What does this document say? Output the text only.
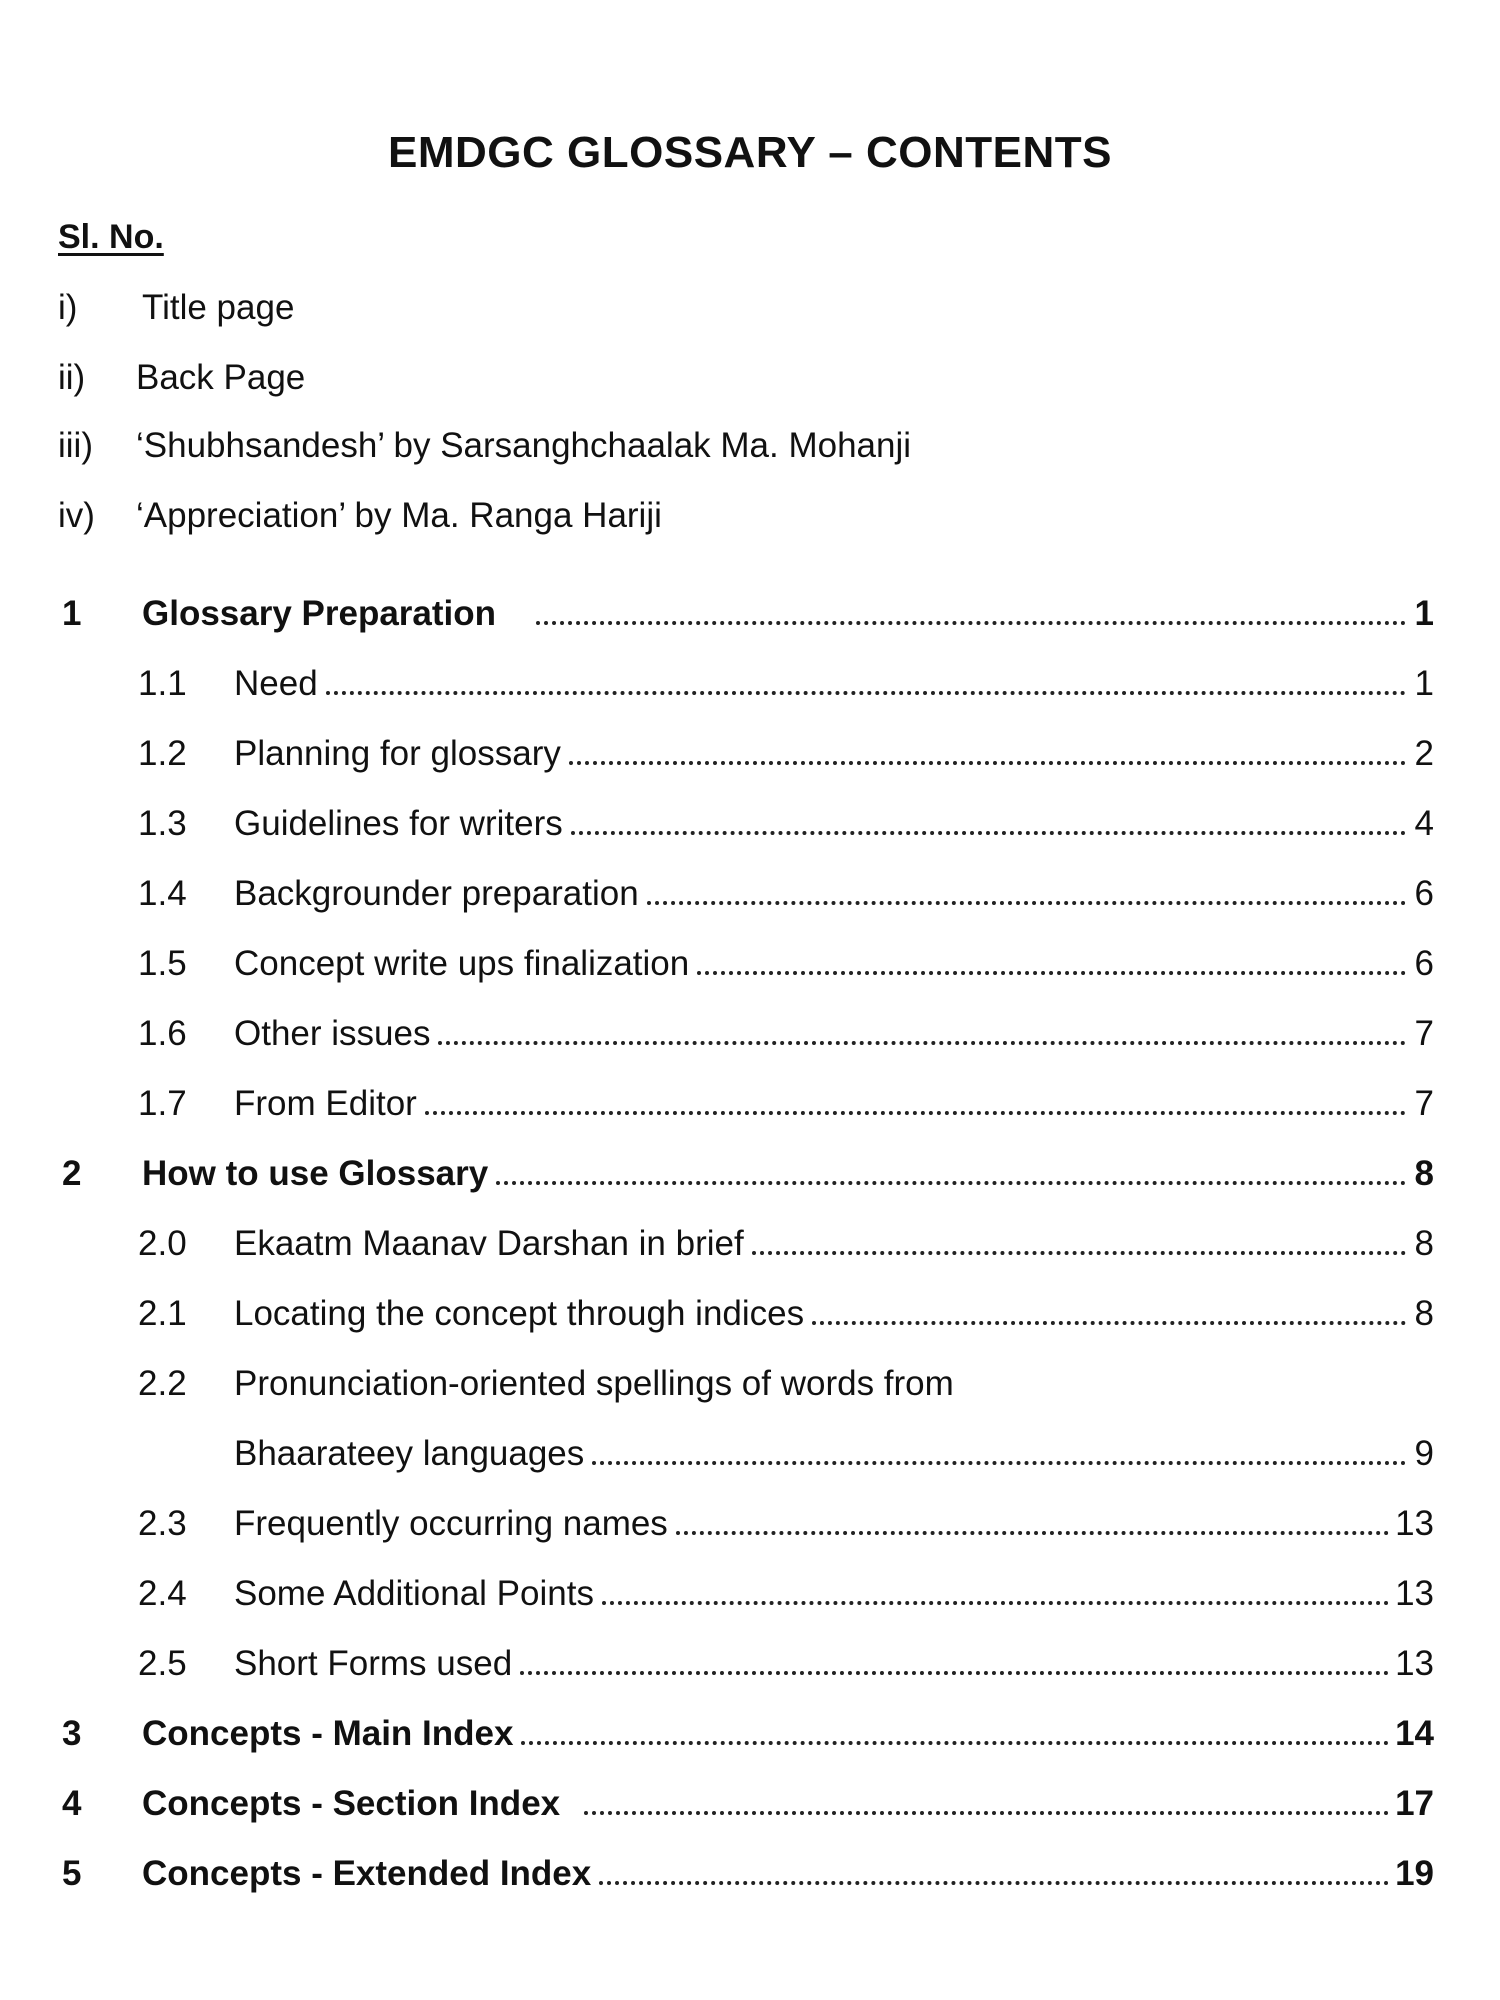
EMDGC GLOSSARY – CONTENTS
Sl. No.
i)	Title page
ii)	Back Page
iii)	‘Shubhsandesh’ by Sarsanghchaalak Ma. Mohanji
iv)	‘Appreciation’ by Ma. Ranga Hariji
1	Glossary Preparation	1
1.1	Need	1
1.2	Planning for glossary	2
1.3	Guidelines for writers	4
1.4	Backgrounder preparation	6
1.5	Concept write ups finalization	6
1.6	Other issues	7
1.7	From Editor	7
2	How to use Glossary	8
2.0	Ekaatm Maanav Darshan in brief	8
2.1	Locating the concept through indices	8
2.2	Pronunciation-oriented spellings of words from
Bhaarateey languages	9
2.3	Frequently occurring names	13
2.4	Some Additional Points	13
2.5	Short Forms used	13
3	Concepts - Main Index	14
4	Concepts - Section Index	17
5	Concepts - Extended Index	19
